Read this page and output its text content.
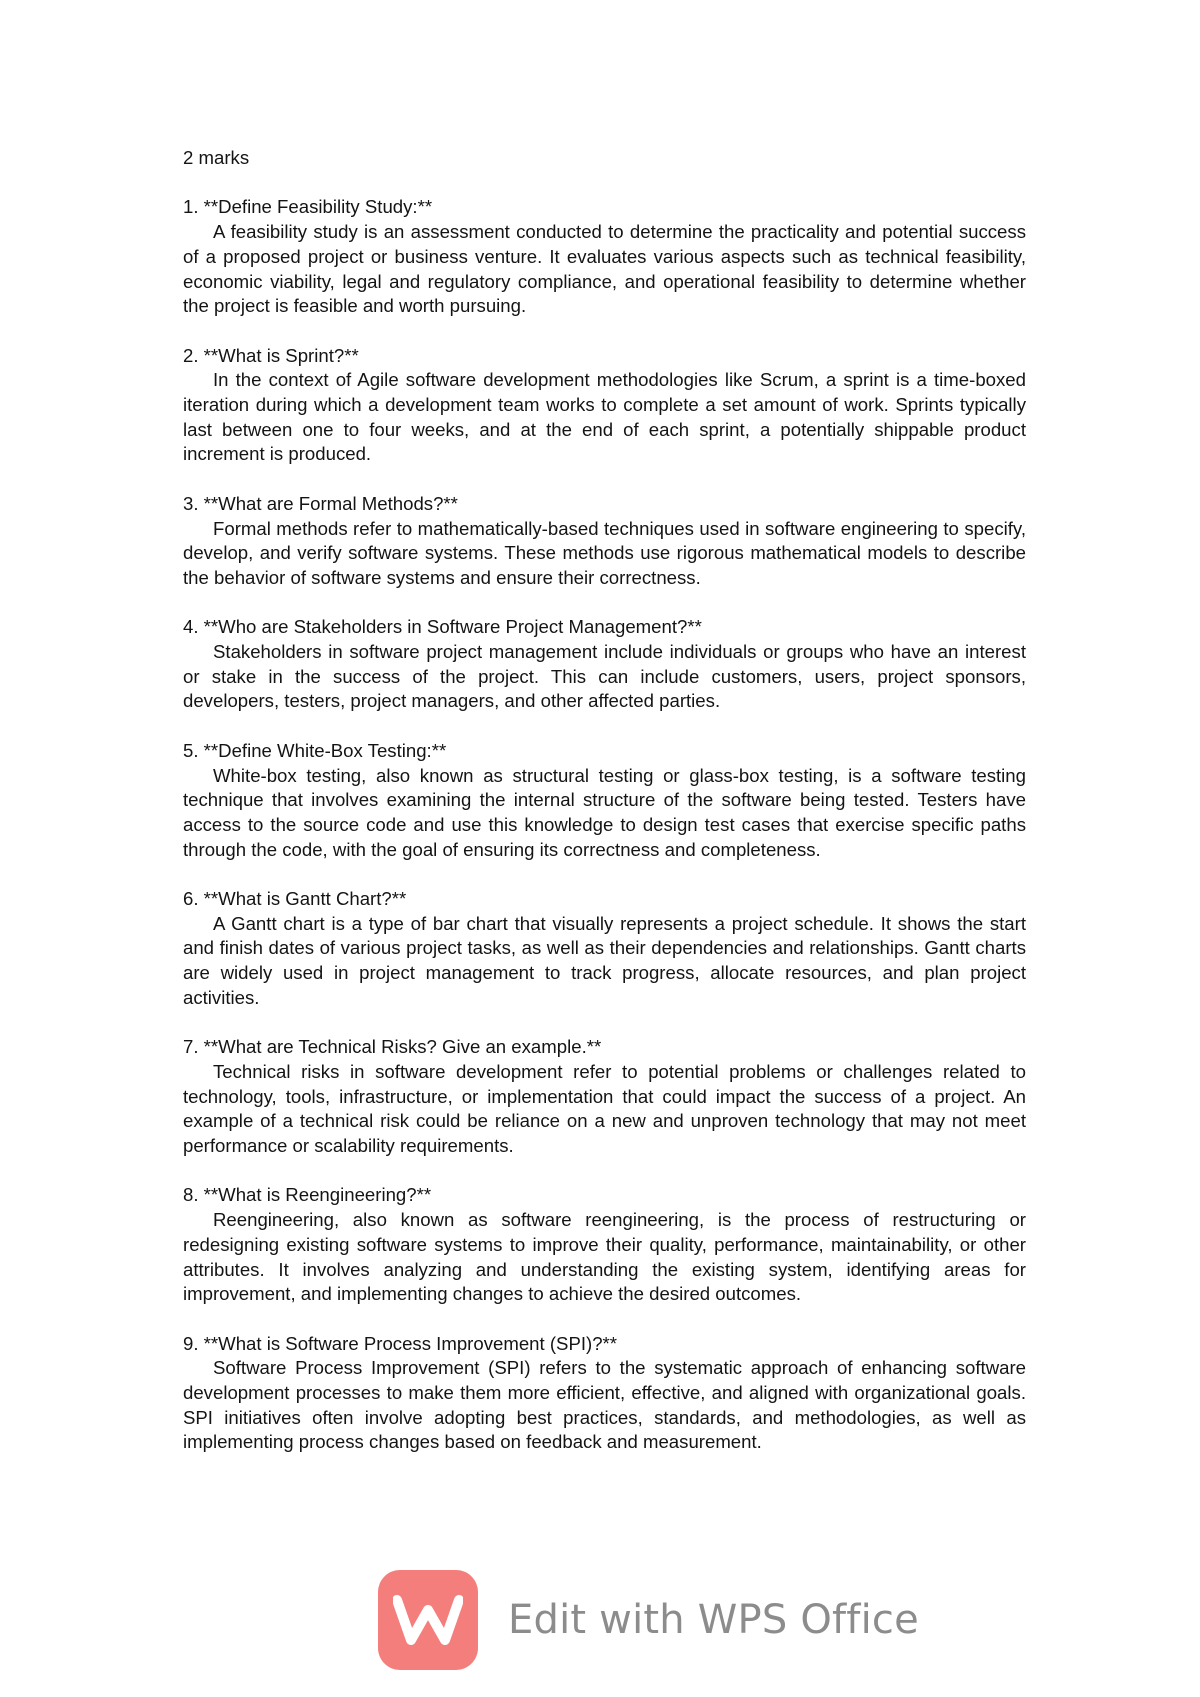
2 marks

1. **Define Feasibility Study:**

A feasibility study is an assessment conducted to determine the practicality and potential success of a proposed project or business venture. It evaluates various aspects such as technical feasibility, economic viability, legal and regulatory compliance, and operational feasibility to determine whether the project is feasible and worth pursuing.

2. **What is Sprint?**

In the context of Agile software development methodologies like Scrum, a sprint is a time-boxed iteration during which a development team works to complete a set amount of work. Sprints typically last between one to four weeks, and at the end of each sprint, a potentially shippable product increment is produced.

3. **What are Formal Methods?**

Formal methods refer to mathematically-based techniques used in software engineering to specify, develop, and verify software systems. These methods use rigorous mathematical models to describe the behavior of software systems and ensure their correctness.

4. **Who are Stakeholders in Software Project Management?**

Stakeholders in software project management include individuals or groups who have an interest or stake in the success of the project. This can include customers, users, project sponsors, developers, testers, project managers, and other affected parties.

5. **Define White-Box Testing:**

White-box testing, also known as structural testing or glass-box testing, is a software testing technique that involves examining the internal structure of the software being tested. Testers have access to the source code and use this knowledge to design test cases that exercise specific paths through the code, with the goal of ensuring its correctness and completeness.

6. **What is Gantt Chart?**

A Gantt chart is a type of bar chart that visually represents a project schedule. It shows the start and finish dates of various project tasks, as well as their dependencies and relationships. Gantt charts are widely used in project management to track progress, allocate resources, and plan project activities.

7. **What are Technical Risks? Give an example.**

Technical risks in software development refer to potential problems or challenges related to technology, tools, infrastructure, or implementation that could impact the success of a project. An example of a technical risk could be reliance on a new and unproven technology that may not meet performance or scalability requirements.

8. **What is Reengineering?**

Reengineering, also known as software reengineering, is the process of restructuring or redesigning existing software systems to improve their quality, performance, maintainability, or other attributes. It involves analyzing and understanding the existing system, identifying areas for improvement, and implementing changes to achieve the desired outcomes.

9. **What is Software Process Improvement (SPI)?**

Software Process Improvement (SPI) refers to the systematic approach of enhancing software development processes to make them more efficient, effective, and aligned with organizational goals. SPI initiatives often involve adopting best practices, standards, and methodologies, as well as implementing process changes based on feedback and measurement.

Edit with WPS Office
